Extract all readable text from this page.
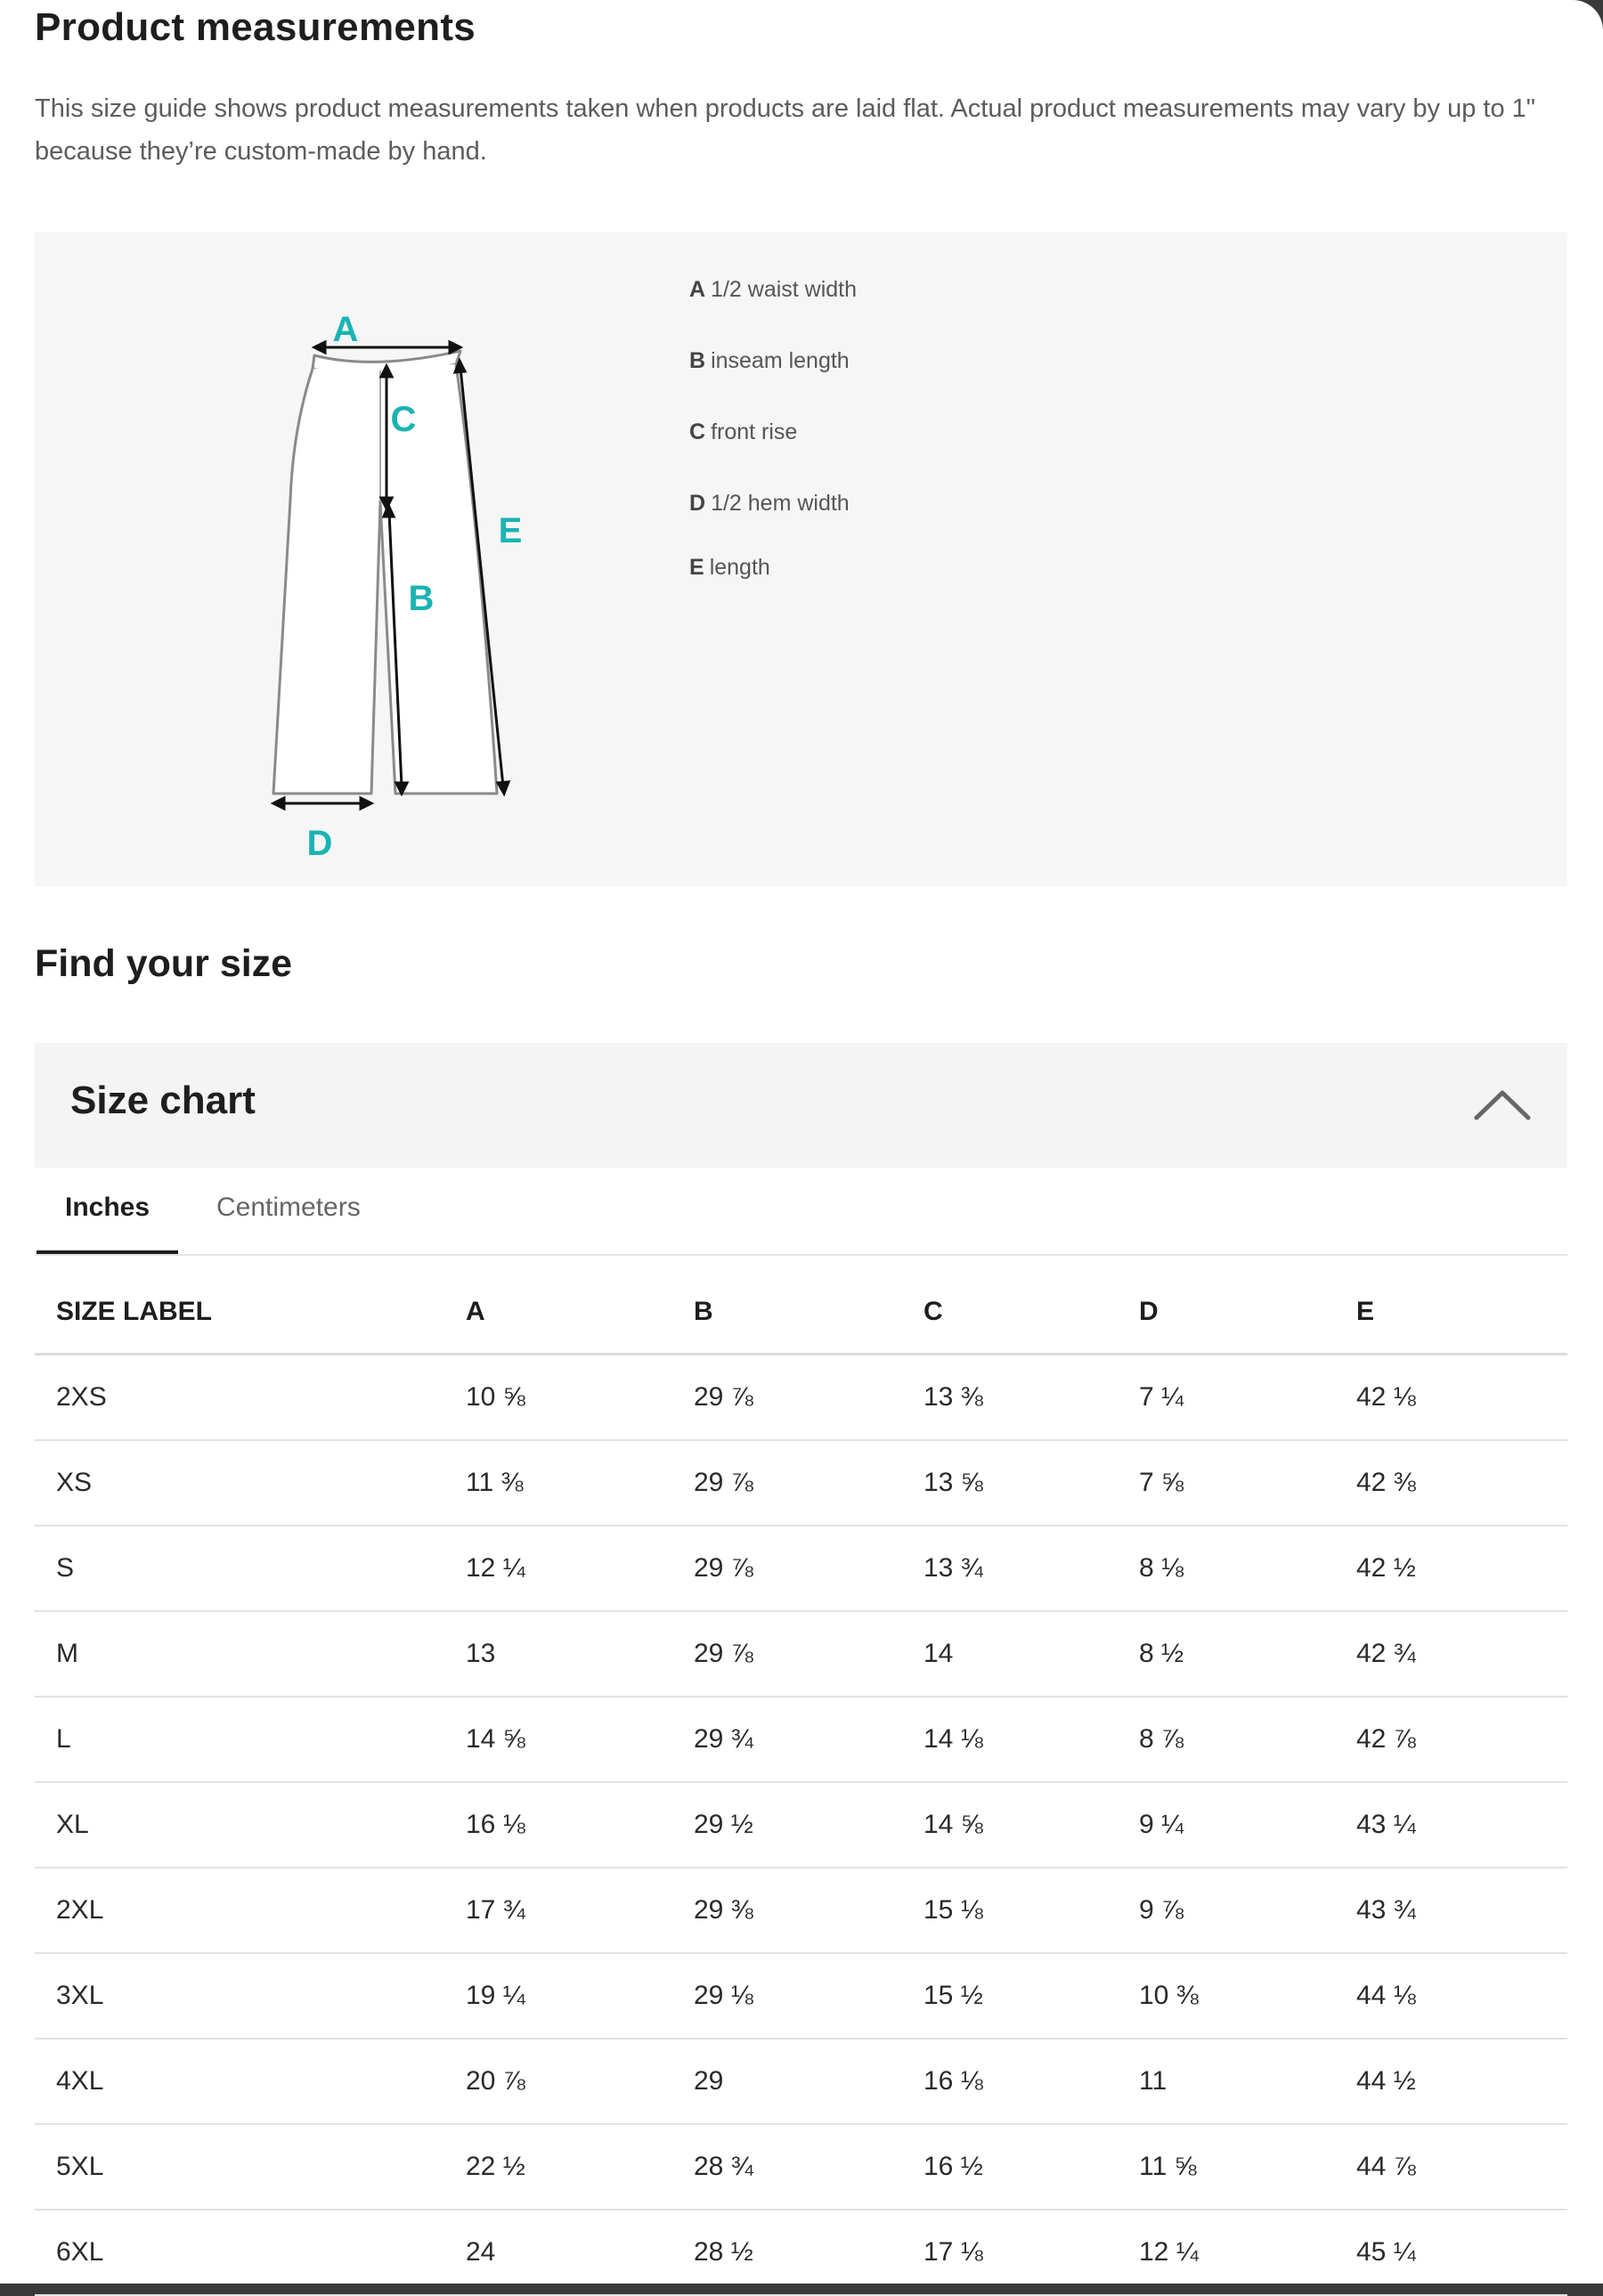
Product measurements
This size guide shows product measurements taken when products are laid flat. Actual product measurements may vary by up to 1" because they’re custom-made by hand.
A
C
B
E
D
A 1/2 waist width
B inseam length
C front rise
D 1/2 hem width
E length
Find your size
Size chart
Inches Centimeters
SIZE LABEL	A	B	C	D	E
2XS	10 ⅝	29 ⅞	13 ⅜	7 ¼	42 ⅛
XS	11 ⅜	29 ⅞	13 ⅝	7 ⅝	42 ⅜
S	12 ¼	29 ⅞	13 ¾	8 ⅛	42 ½
M	13	29 ⅞	14	8 ½	42 ¾
L	14 ⅝	29 ¾	14 ⅛	8 ⅞	42 ⅞
XL	16 ⅛	29 ½	14 ⅝	9 ¼	43 ¼
2XL	17 ¾	29 ⅜	15 ⅛	9 ⅞	43 ¾
3XL	19 ¼	29 ⅛	15 ½	10 ⅜	44 ⅛
4XL	20 ⅞	29	16 ⅛	11	44 ½
5XL	22 ½	28 ¾	16 ½	11 ⅝	44 ⅞
6XL	24	28 ½	17 ⅛	12 ¼	45 ¼
